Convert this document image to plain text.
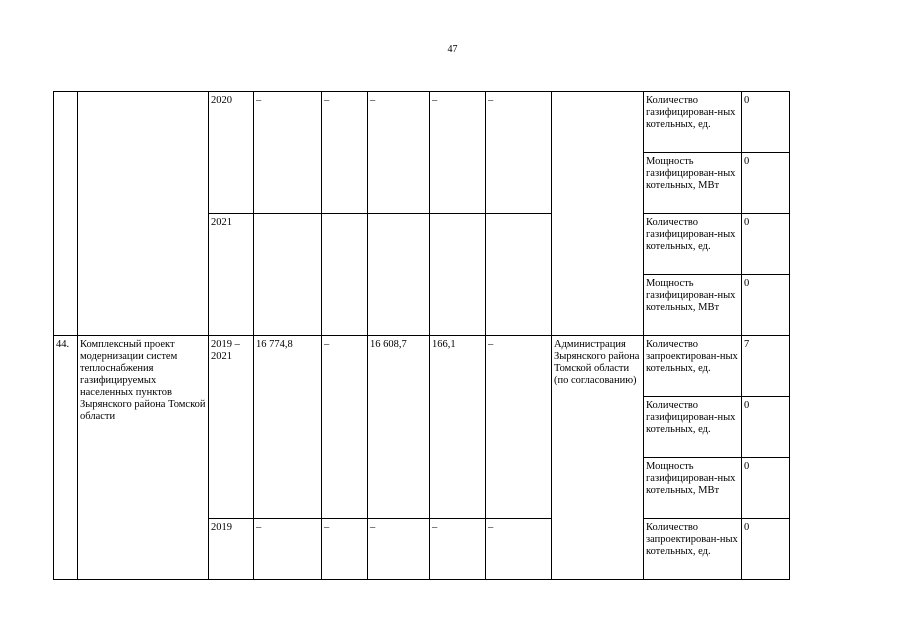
47
		2020	–	–	–	–	–		Количество газифицирован-ных котельных, ед.	0
									Мощность газифицирован-ных котельных, МВт	0
		2021							Количество газифицирован-ных котельных, ед.	0
									Мощность газифицирован-ных котельных, МВт	0
44.	Комплексный проект модернизации систем теплоснабжения газифицируемых населенных пунктов Зырянского района Томской области	2019 – 2021	16 774,8	–	16 608,7	166,1	–	Администрация Зырянского района Томской области (по согласованию)	Количество запроектирован-ных котельных, ед.	7
									Количество газифицирован-ных котельных, ед.	0
									Мощность газифицирован-ных котельных, МВт	0
		2019	–	–	–	–	–		Количество запроектирован-ных котельных, ед.	0
